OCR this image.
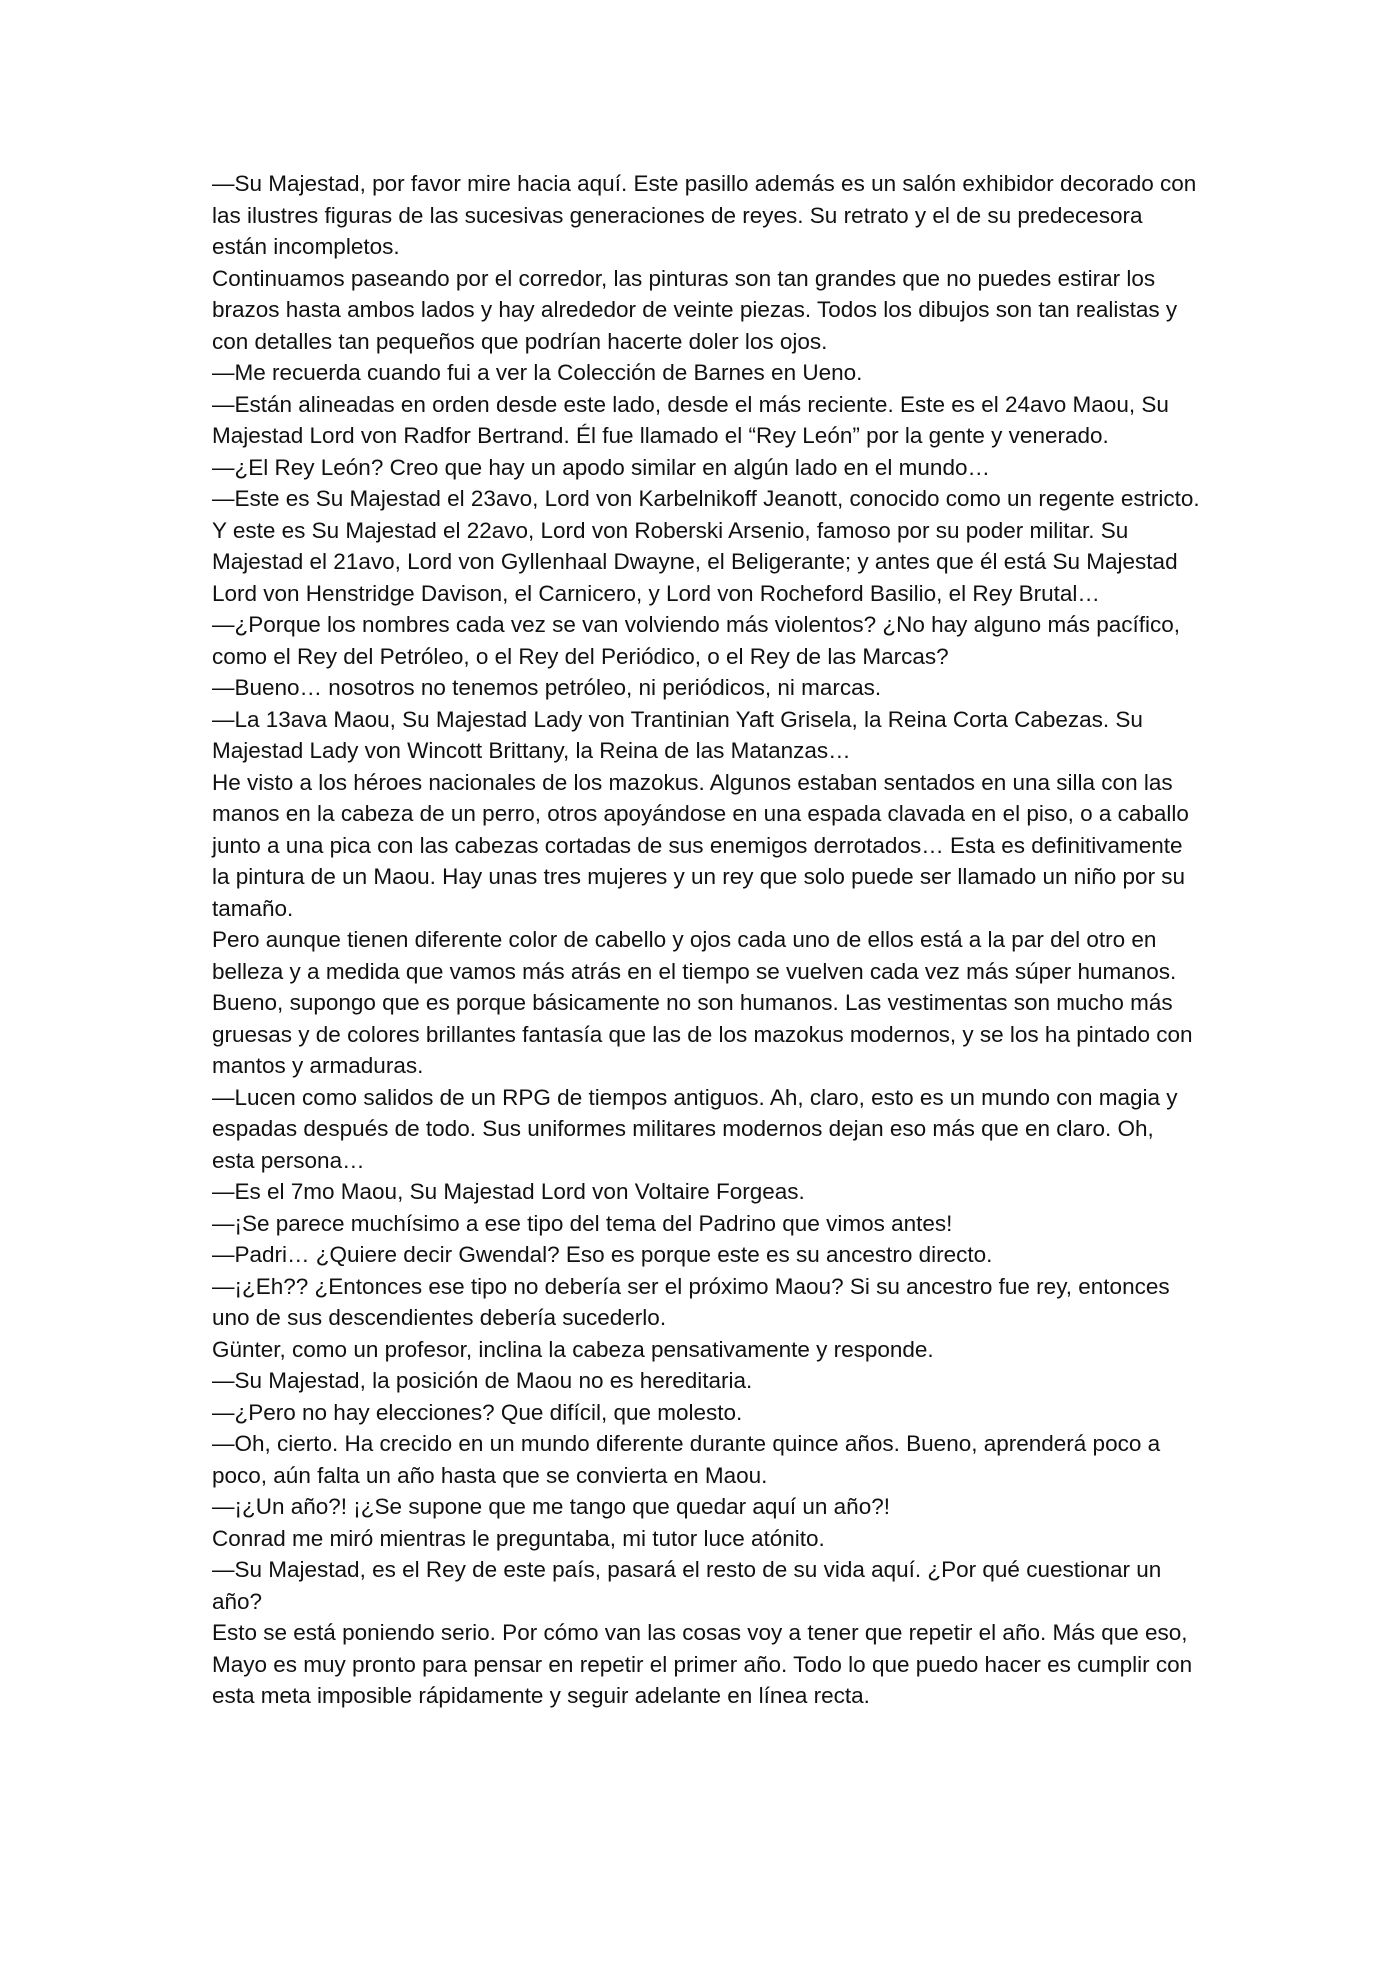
—Su Majestad, por favor mire hacia aquí. Este pasillo además es un salón exhibidor decorado con las ilustres figuras de las sucesivas generaciones de reyes. Su retrato y el de su predecesora están incompletos.

Continuamos paseando por el corredor, las pinturas son tan grandes que no puedes estirar los brazos hasta ambos lados y hay alrededor de veinte piezas. Todos los dibujos son tan realistas y con detalles tan pequeños que podrían hacerte doler los ojos.

—Me recuerda cuando fui a ver la Colección de Barnes en Ueno.

—Están alineadas en orden desde este lado, desde el más reciente. Este es el 24avo Maou, Su Majestad Lord von Radfor Bertrand. Él fue llamado el “Rey León” por la gente y venerado.

—¿El Rey León? Creo que hay un apodo similar en algún lado en el mundo…

—Este es Su Majestad el 23avo, Lord von Karbelnikoff Jeanott, conocido como un regente estricto. Y este es Su Majestad el 22avo, Lord von Roberski Arsenio, famoso por su poder militar. Su Majestad el 21avo, Lord von Gyllenhaal Dwayne, el Beligerante; y antes que él está Su Majestad Lord von Henstridge Davison, el Carnicero, y Lord von Rocheford Basilio, el Rey Brutal…

—¿Porque los nombres cada vez se van volviendo más violentos? ¿No hay alguno más pacífico, como el Rey del Petróleo, o el Rey del Periódico, o el Rey de las Marcas?

—Bueno… nosotros no tenemos petróleo, ni periódicos, ni marcas.

—La 13ava Maou, Su Majestad Lady von Trantinian Yaft Grisela, la Reina Corta Cabezas. Su Majestad Lady von Wincott Brittany, la Reina de las Matanzas…

He visto a los héroes nacionales de los mazokus. Algunos estaban sentados en una silla con las manos en la cabeza de un perro, otros apoyándose en una espada clavada en el piso, o a caballo junto a una pica con las cabezas cortadas de sus enemigos derrotados… Esta es definitivamente la pintura de un Maou. Hay unas tres mujeres y un rey que solo puede ser llamado un niño por su tamaño.

Pero aunque tienen diferente color de cabello y ojos cada uno de ellos está a la par del otro en belleza y a medida que vamos más atrás en el tiempo se vuelven cada vez más súper humanos. Bueno, supongo que es porque básicamente no son humanos. Las vestimentas son mucho más gruesas y de colores brillantes fantasía que las de los mazokus modernos, y se los ha pintado con mantos y armaduras.

—Lucen como salidos de un RPG de tiempos antiguos. Ah, claro, esto es un mundo con magia y espadas después de todo. Sus uniformes militares modernos dejan eso más que en claro. Oh, esta persona…

—Es el 7mo Maou, Su Majestad Lord von Voltaire Forgeas.

—¡Se parece muchísimo a ese tipo del tema del Padrino que vimos antes!

—Padri… ¿Quiere decir Gwendal? Eso es porque este es su ancestro directo.

—¡¿Eh?? ¿Entonces ese tipo no debería ser el próximo Maou? Si su ancestro fue rey, entonces uno de sus descendientes debería sucederlo.

Günter, como un profesor, inclina la cabeza pensativamente y responde.

—Su Majestad, la posición de Maou no es hereditaria.

—¿Pero no hay elecciones? Que difícil, que molesto.

—Oh, cierto. Ha crecido en un mundo diferente durante quince años. Bueno, aprenderá poco a poco, aún falta un año hasta que se convierta en Maou.

—¡¿Un año?! ¡¿Se supone que me tango que quedar aquí un año?!

Conrad me miró mientras le preguntaba, mi tutor luce atónito.

—Su Majestad, es el Rey de este país, pasará el resto de su vida aquí. ¿Por qué cuestionar un año?

Esto se está poniendo serio. Por cómo van las cosas voy a tener que repetir el año. Más que eso, Mayo es muy pronto para pensar en repetir el primer año. Todo lo que puedo hacer es cumplir con esta meta imposible rápidamente y seguir adelante en línea recta.
